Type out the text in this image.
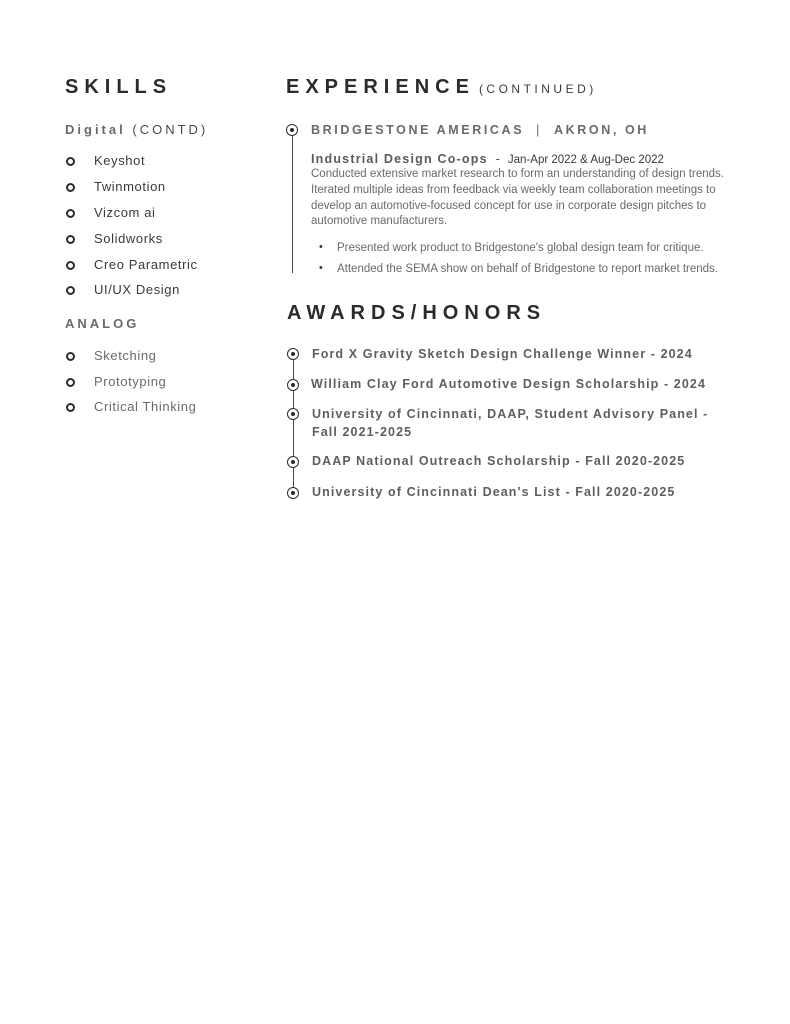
SKILLS
Digital (CONTD)
Keyshot
Twinmotion
Vizcom ai
Solidworks
Creo Parametric
UI/UX Design
ANALOG
Sketching
Prototyping
Critical Thinking
EXPERIENCE (CONTINUED)
BRIDGESTONE AMERICAS | AKRON, OH
Industrial Design Co-ops - Jan-Apr 2022 & Aug-Dec 2022
Conducted extensive market research to form an understanding of design trends. Iterated multiple ideas from feedback via weekly team collaboration meetings to develop an automotive-focused concept for use in corporate design pitches to automotive manufacturers.
• Presented work product to Bridgestone's global design team for critique.
• Attended the SEMA show on behalf of Bridgestone to report market trends.
AWARDS/HONORS
Ford X Gravity Sketch Design Challenge Winner - 2024
William Clay Ford Automotive Design Scholarship - 2024
University of Cincinnati, DAAP, Student Advisory Panel - Fall 2021-2025
DAAP National Outreach Scholarship - Fall 2020-2025
University of Cincinnati Dean's List - Fall 2020-2025
